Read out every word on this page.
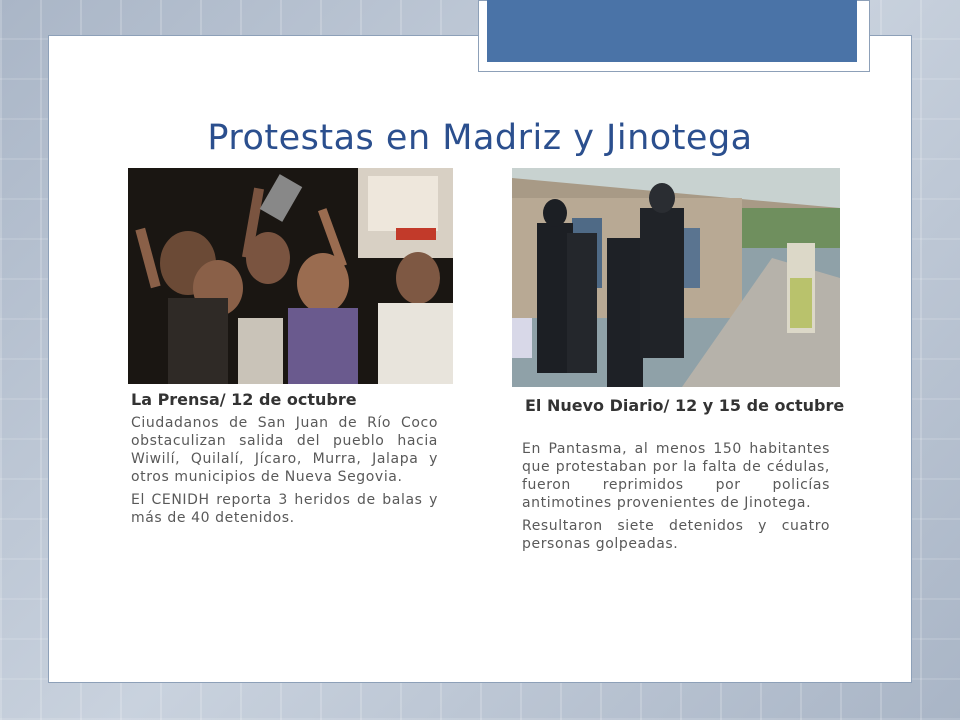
Protestas en Madriz y Jinotega
La Prensa/ 12 de octubre

Ciudadanos de San Juan de Río Coco obstaculizan salida del pueblo hacia Wiwilí, Quilalí, Jícaro, Murra, Jalapa y otros municipios de Nueva Segovia.

El CENIDH reporta 3 heridos de balas y más de 40 detenidos.

El Nuevo Diario/ 12 y 15 de octubre

En Pantasma, al menos 150 habitantes que protestaban por la falta de cédulas, fueron reprimidos por policías antimotines provenientes de Jinotega.

Resultaron siete detenidos y cuatro personas golpeadas.
